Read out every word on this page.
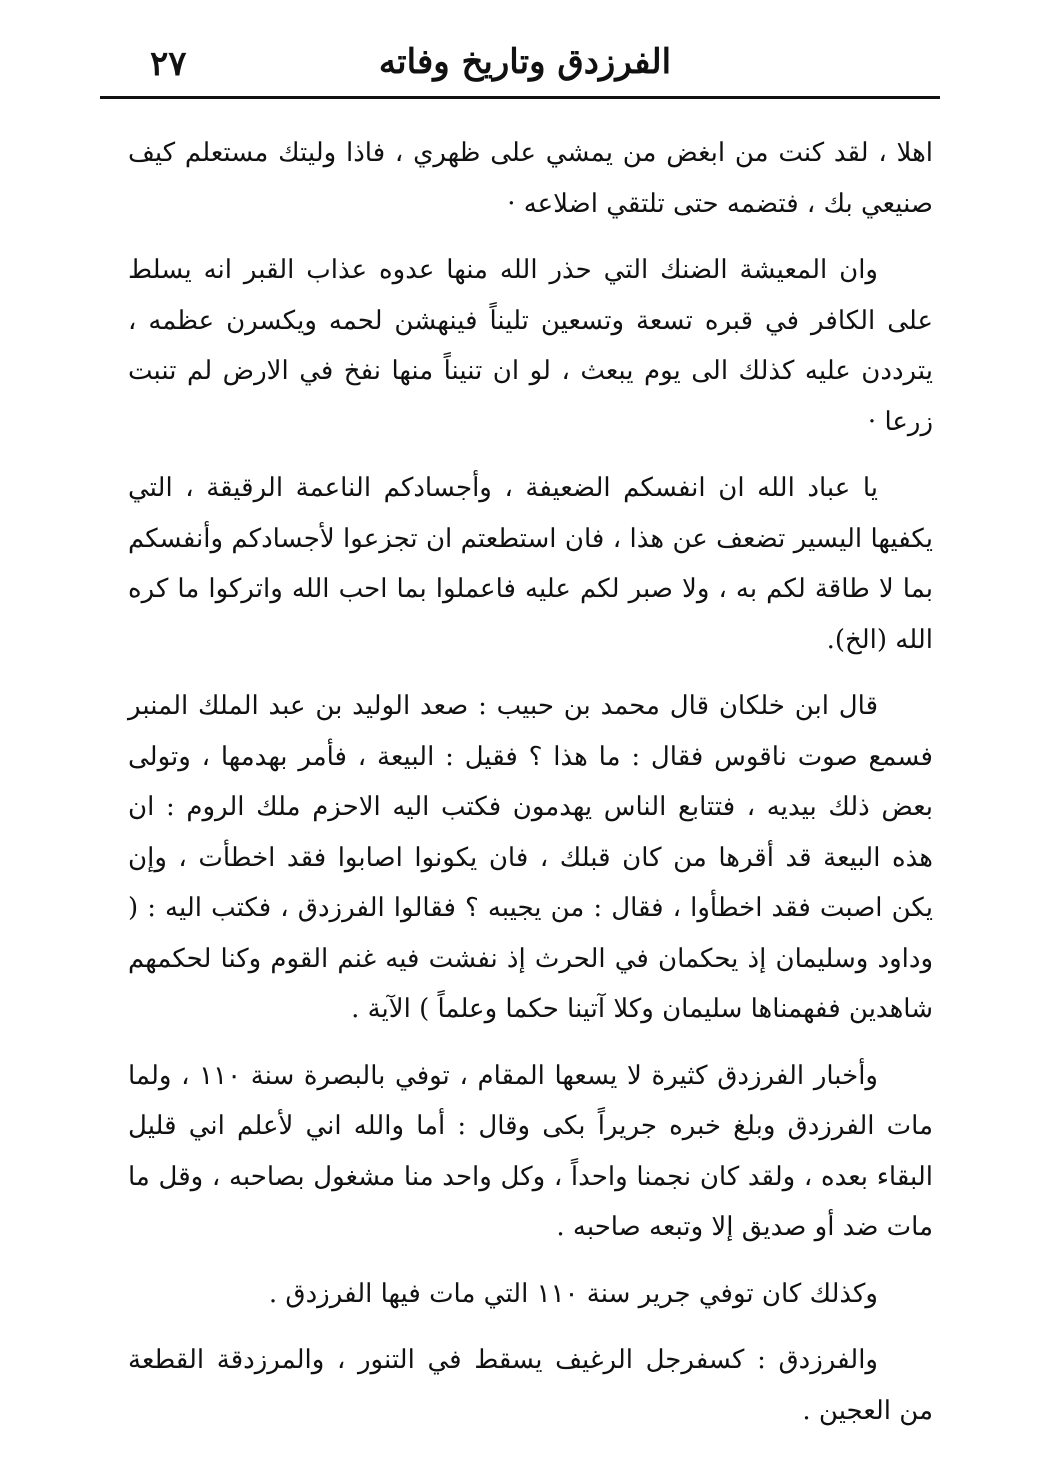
٢٧	الفرزدق وتاريخ وفاته

اهلا ، لقد كنت من ابغض من يمشي على ظهري ، فاذا وليتك مستعلم كيف صنيعي بك ، فتضمه حتى تلتقي اضلاعه ·

وان المعيشة الضنك التي حذر الله منها عدوه عذاب القبر انه يسلط على الكافر في قبره تسعة وتسعين تليناً فينهشن لحمه ويكسرن عظمه ، يترددن عليه كذلك الى يوم يبعث ، لو ان تنيناً منها نفخ في الارض لم تنبت زرعا ·

يا عباد الله ان انفسكم الضعيفة ، وأجسادكم الناعمة الرقيقة ، التي يكفيها اليسير تضعف عن هذا ، فان استطعتم ان تجزعوا لأجسادكم وأنفسكم بما لا طاقة لكم به ، ولا صبر لكم عليه فاعملوا بما احب الله واتركوا ما كره الله (الخ).

قال ابن خلكان قال محمد بن حبيب : صعد الوليد بن عبد الملك المنبر فسمع صوت ناقوس فقال : ما هذا ؟ فقيل : البيعة ، فأمر بهدمها ، وتولى بعض ذلك بيديه ، فتتابع الناس يهدمون فكتب اليه الاحزم ملك الروم : ان هذه البيعة قد أقرها من كان قبلك ، فان يكونوا اصابوا فقد اخطأت ، وإن يكن اصبت فقد اخطأوا ، فقال : من يجيبه ؟ فقالوا الفرزدق ، فكتب اليه : ( وداود وسليمان إذ يحكمان في الحرث إذ نفشت فيه غنم القوم وكنا لحكمهم شاهدين ففهمناها سليمان وكلا آتينا حكما وعلماً ) الآية .

وأخبار الفرزدق كثيرة لا يسعها المقام ، توفي بالبصرة سنة ١١٠ ، ولما مات الفرزدق وبلغ خبره جريراً بكى وقال : أما والله اني لأعلم اني قليل البقاء بعده ، ولقد كان نجمنا واحداً ، وكل واحد منا مشغول بصاحبه ، وقل ما مات ضد أو صديق إلا وتبعه صاحبه .

وكذلك كان توفي جرير سنة ١١٠ التي مات فيها الفرزدق .

والفرزدق : كسفرجل الرغيف يسقط في التنور ، والمرزدقة القطعة من العجين .
